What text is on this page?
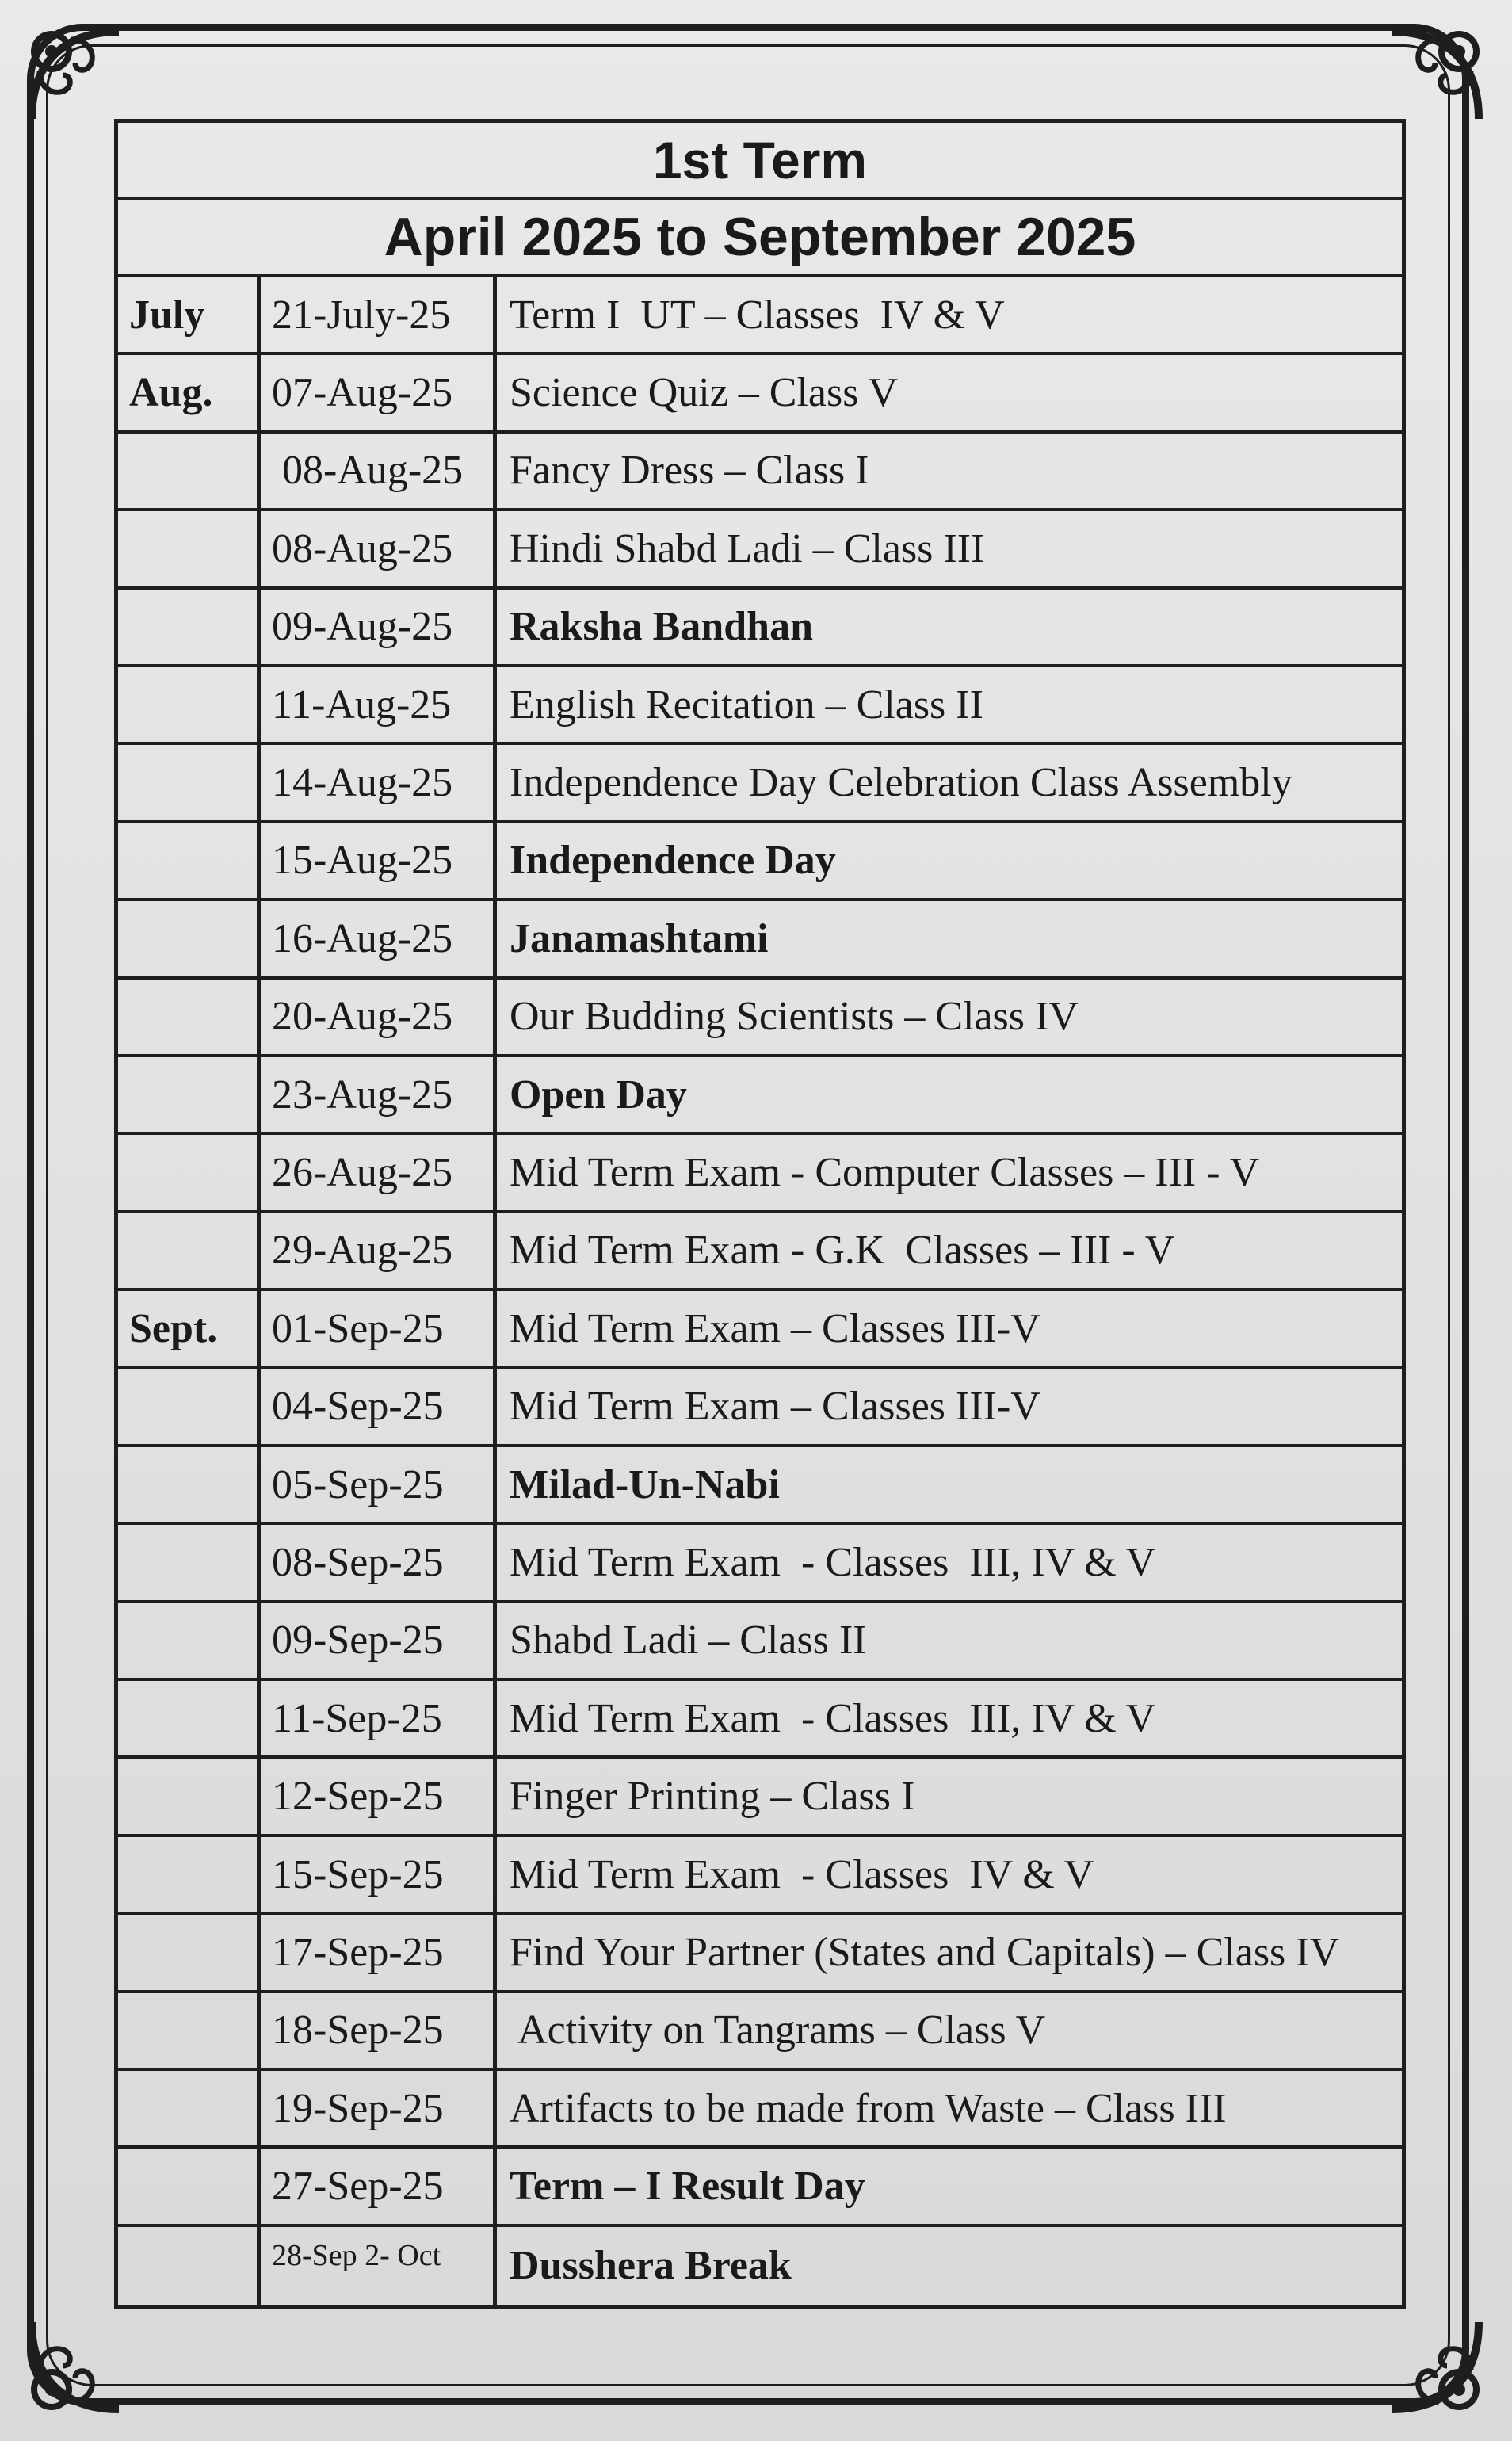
1st Term
April 2025 to September 2025
July	21-July-25	Term I  UT – Classes  IV & V
Aug.	07-Aug-25	Science Quiz – Class V
08-Aug-25	Fancy Dress – Class I
08-Aug-25	Hindi Shabd Ladi – Class III
09-Aug-25	Raksha Bandhan
11-Aug-25	English Recitation – Class II
14-Aug-25	Independence Day Celebration Class Assembly
15-Aug-25	Independence Day
16-Aug-25	Janamashtami
20-Aug-25	Our Budding Scientists – Class IV
23-Aug-25	Open Day
26-Aug-25	Mid Term Exam - Computer Classes – III - V
29-Aug-25	Mid Term Exam - G.K  Classes – III - V
Sept.	01-Sep-25	Mid Term Exam – Classes III-V
04-Sep-25	Mid Term Exam – Classes III-V
05-Sep-25	Milad-Un-Nabi
08-Sep-25	Mid Term Exam  - Classes  III, IV & V
09-Sep-25	Shabd Ladi – Class II
11-Sep-25	Mid Term Exam  - Classes  III, IV & V
12-Sep-25	Finger Printing – Class I
15-Sep-25	Mid Term Exam  - Classes  IV & V
17-Sep-25	Find Your Partner (States and Capitals) – Class IV
18-Sep-25	Activity on Tangrams – Class V
19-Sep-25	Artifacts to be made from Waste – Class III
27-Sep-25	Term – I Result Day
28-Sep 2- Oct	Dusshera Break
